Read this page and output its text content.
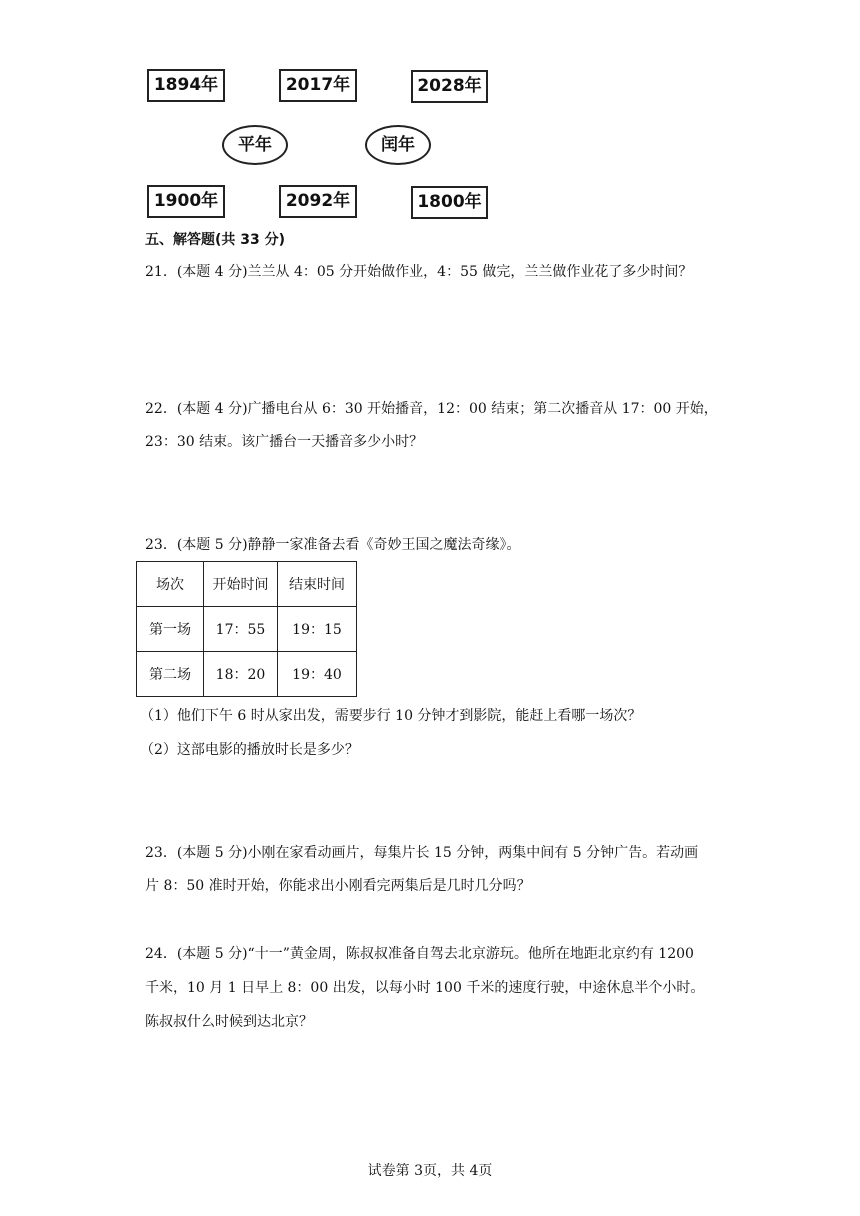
1894年	2017年	2028年
平年	闰年
1900年	2092年	1800年
五、解答题(共 33 分)
21．(本题 4 分)兰兰从 4：05 分开始做作业，4：55 做完，兰兰做作业花了多少时间？
22．(本题 4 分)广播电台从 6：30 开始播音，12：00 结束；第二次播音从 17：00 开始，
23：30 结束。该广播台一天播音多少小时？
23．(本题 5 分)静静一家准备去看《奇妙王国之魔法奇缘》。
场次	开始时间	结束时间
第一场	17：55	19：15
第二场	18：20	19：40
（1）他们下午 6 时从家出发，需要步行 10 分钟才到影院，能赶上看哪一场次？
（2）这部电影的播放时长是多少？
23．(本题 5 分)小刚在家看动画片，每集片长 15 分钟，两集中间有 5 分钟广告。若动画
片 8：50 准时开始，你能求出小刚看完两集后是几时几分吗？
24．(本题 5 分)“十一”黄金周，陈叔叔准备自驾去北京游玩。他所在地距北京约有 1200
千米，10 月 1 日早上 8：00 出发，以每小时 100 千米的速度行驶，中途休息半个小时。
陈叔叔什么时候到达北京？
试卷第 3页，共 4页
